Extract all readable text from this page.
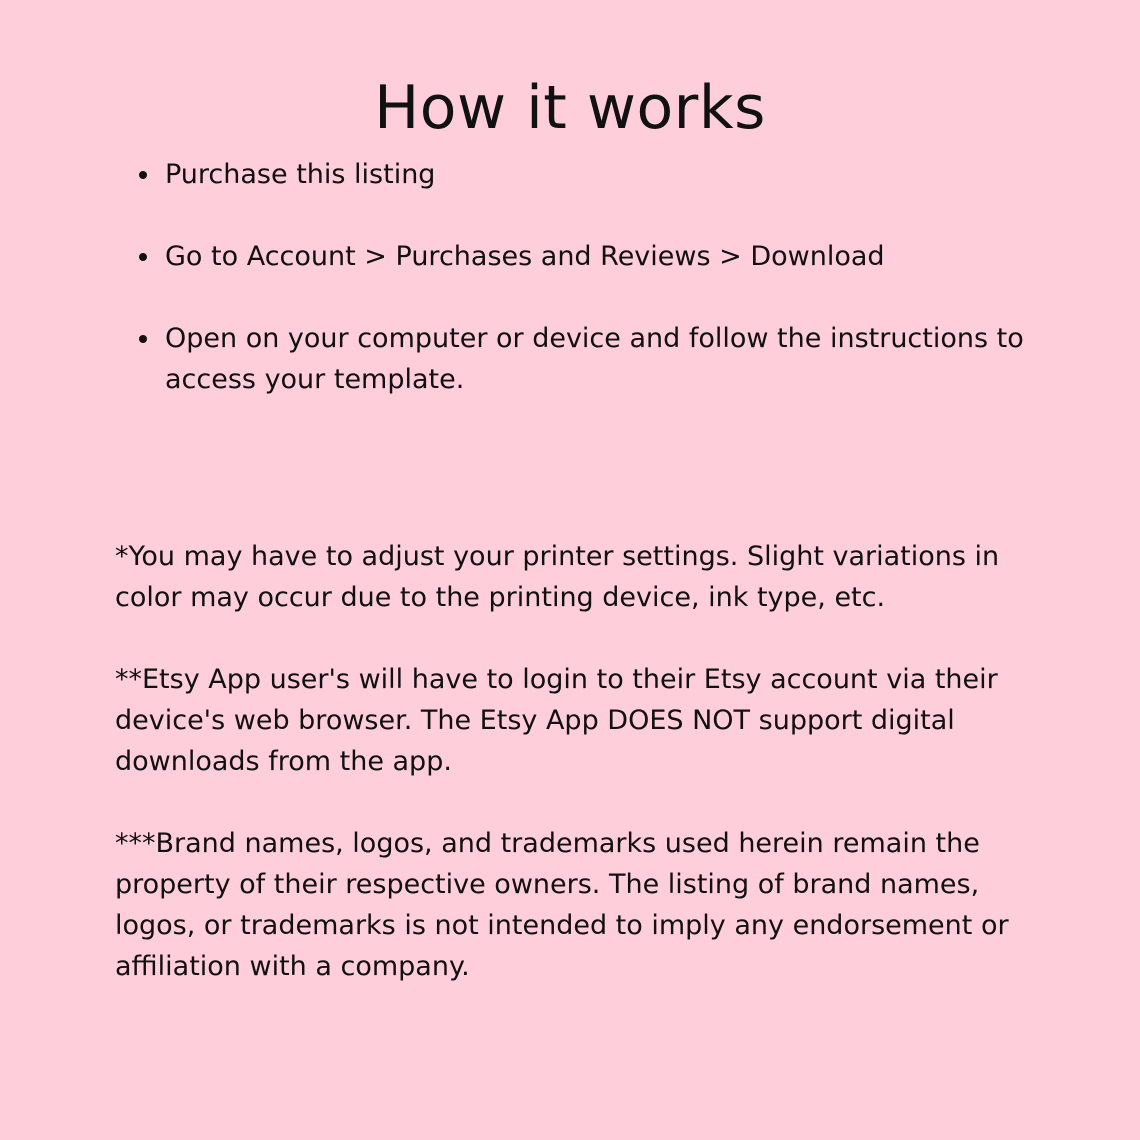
How it works
Purchase this listing
Go to Account > Purchases and Reviews > Download
Open on your computer or device and follow the instructions to access your template.

*You may have to adjust your printer settings. Slight variations in color may occur due to the printing device, ink type, etc.

**Etsy App user's will have to login to their Etsy account via their device's web browser. The Etsy App DOES NOT support digital downloads from the app.

***Brand names, logos, and trademarks used herein remain the property of their respective owners. The listing of brand names, logos, or trademarks is not intended to imply any endorsement or affiliation with a company.
